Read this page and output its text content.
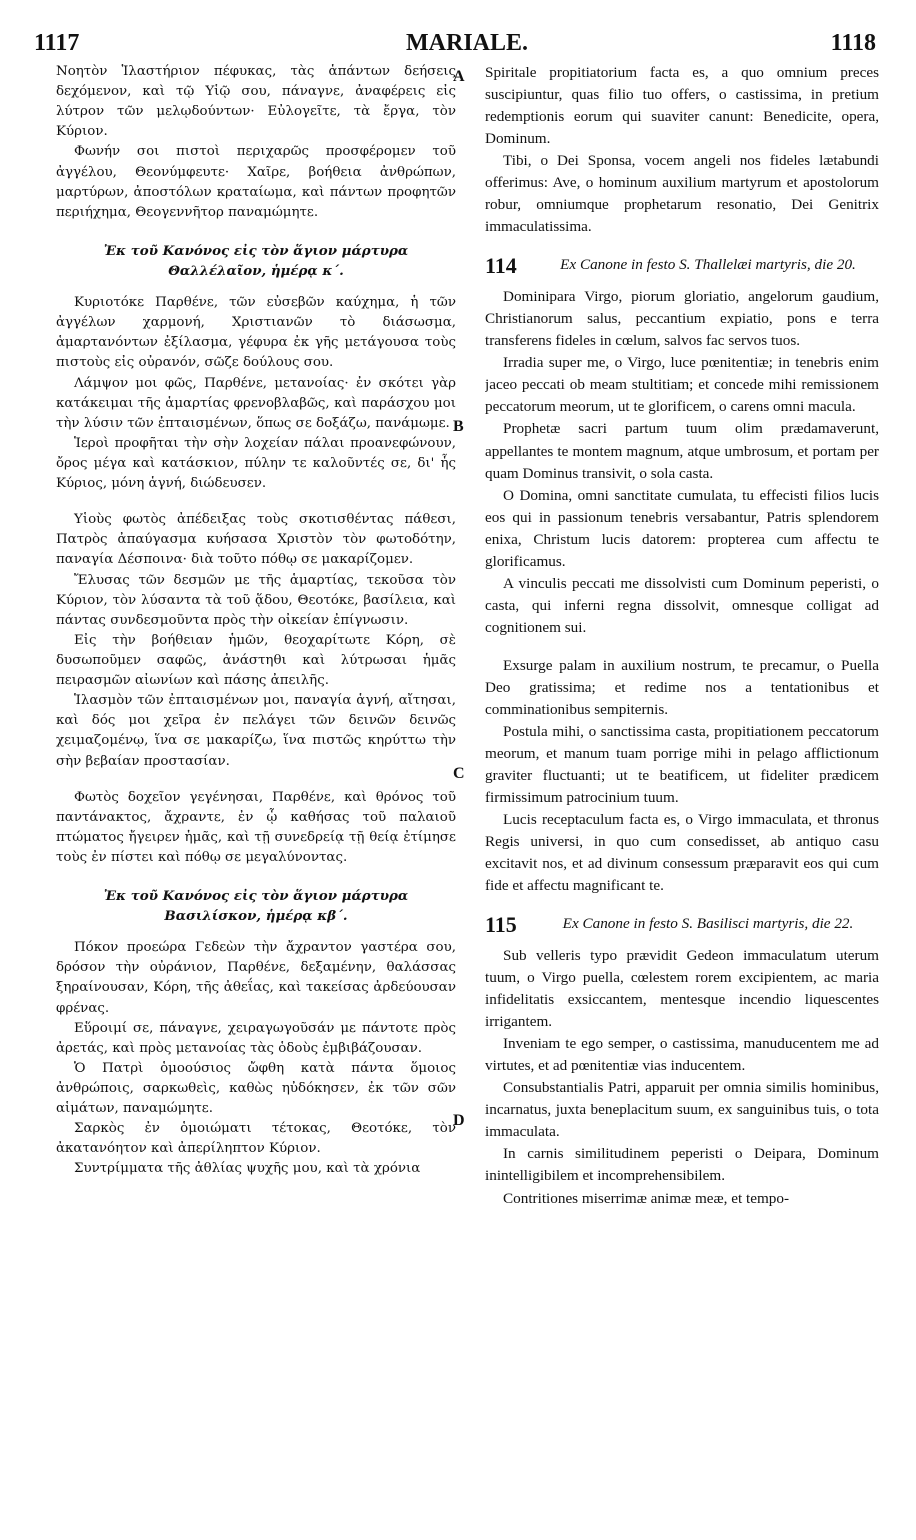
1117	MARIALE.	1118
A
B
C
D

Νοητὸν Ἱλαστήριον πέφυκας, τὰς ἁπάντων δεήσεις δεχόμενον, καὶ τῷ Υἱῷ σου, πάναγνε, ἀναφέρεις εἰς λύτρον τῶν μελῳδούντων· Εὐλογεῖτε, τὰ ἔργα, τὸν Κύριον.

Φωνήν σοι πιστοὶ περιχαρῶς προσφέρομεν τοῦ ἀγγέλου, Θεονύμφευτε· Χαῖρε, βοήθεια ἀνθρώπων, μαρτύρων, ἀποστόλων κραταίωμα, καὶ πάντων προφητῶν περιήχημα, Θεογεννῆτορ παναμώμητε.

Ἐκ τοῦ Κανόνος εἰς τὸν ἅγιον μάρτυρα Θαλλέλαῖον, ἡμέρᾳ κ΄.

Κυριοτόκε Παρθένε, τῶν εὐσεβῶν καύχημα, ἡ τῶν ἀγγέλων χαρμονή, Χριστιανῶν τὸ διάσωσμα, ἁμαρτανόντων ἐξίλασμα, γέφυρα ἐκ γῆς μετάγουσα τοὺς πιστοὺς εἰς οὐρανόν, σῶζε δούλους σου.

Λάμψον μοι φῶς, Παρθένε, μετανοίας· ἐν σκότει γὰρ κατάκειμαι τῆς ἁμαρτίας φρενοβλαβῶς, καὶ παράσχου μοι τὴν λύσιν τῶν ἐπταισμένων, ὅπως σε δοξάζω, πανάμωμε.

Ἱεροὶ προφῆται τὴν σὴν λοχείαν πάλαι προανεφώνουν, ὄρος μέγα καὶ κατάσκιον, πύλην τε καλοῦντές σε, δι' ἧς Κύριος, μόνη ἁγνή, διώδευσεν.

Υἱοὺς φωτὸς ἀπέδειξας τοὺς σκοτισθέντας πάθεσι, Πατρὸς ἀπαύγασμα κυήσασα Χριστὸν τὸν φωτοδότην, παναγία Δέσποινα· διὰ τοῦτο πόθῳ σε μακαρίζομεν.

Ἔλυσας τῶν δεσμῶν με τῆς ἁμαρτίας, τεκοῦσα τὸν Κύριον, τὸν λύσαντα τὰ τοῦ ᾅδου, Θεοτόκε, βασίλεια, καὶ πάντας συνδεσμοῦντα πρὸς τὴν οἰκείαν ἐπίγνωσιν.

Εἰς τὴν βοήθειαν ἡμῶν, θεοχαρίτωτε Κόρη, σὲ δυσωποῦμεν σαφῶς, ἀνάστηθι καὶ λύτρωσαι ἡμᾶς πειρασμῶν αἰωνίων καὶ πάσης ἀπειλῆς.

Ἱλασμὸν τῶν ἐπταισμένων μοι, παναγία ἁγνή, αἴτησαι, καὶ δός μοι χεῖρα ἐν πελάγει τῶν δεινῶν δεινῶς χειμαζομένῳ, ἵνα σε μακαρίζω, ἵνα πιστῶς κηρύττω τὴν σὴν βεβαίαν προστασίαν.

Φωτὸς δοχεῖον γεγένησαι, Παρθένε, καὶ θρόνος τοῦ παντάνακτος, ἄχραντε, ἐν ᾧ καθήσας τοῦ παλαιοῦ πτώματος ἤγειρεν ἡμᾶς, καὶ τῇ συνεδρείᾳ τῇ θείᾳ ἐτίμησε τοὺς ἐν πίστει καὶ πόθῳ σε μεγαλύνοντας.

Ἐκ τοῦ Κανόνος εἰς τὸν ἅγιον μάρτυρα Βασιλίσκον, ἡμέρᾳ κβ΄.

Πόκον προεώρα Γεδεὼν τὴν ἄχραντον γαστέρα σου, δρόσον τὴν οὐράνιον, Παρθένε, δεξαμένην, θαλάσσας ξηραίνουσαν, Κόρη, τῆς ἀθεΐας, καὶ τακείσας ἀρδεύουσαν φρένας.

Εὕροιμί σε, πάναγνε, χειραγωγοῦσάν με πάντοτε πρὸς ἀρετάς, καὶ πρὸς μετανοίας τὰς ὁδοὺς ἐμβιβάζουσαν.

Ὁ Πατρὶ ὁμοούσιος ὤφθη κατὰ πάντα ὅμοιος ἀνθρώποις, σαρκωθεὶς, καθὼς ηὐδόκησεν, ἐκ τῶν σῶν αἱμάτων, παναμώμητε.

Σαρκὸς ἐν ὁμοιώματι τέτοκας, Θεοτόκε, τὸν ἀκατανόητον καὶ ἀπερίληπτον Κύριον.

Συντρίμματα τῆς ἀθλίας ψυχῆς μου, καὶ τὰ χρόνια

Spiritale propitiatorium facta es, a quo omnium preces suscipiuntur, quas filio tuo offers, o castissima, in pretium redemptionis eorum qui suaviter canunt: Benedicite, opera, Dominum.

Tibi, o Dei Sponsa, vocem angeli nos fideles lætabundi offerimus: Ave, o hominum auxilium martyrum et apostolorum robur, omniumque prophetarum resonatio, Dei Genitrix immaculatissima.

114	Ex Canone in festo S. Thallelæi martyris, die 20.

Dominipara Virgo, piorum gloriatio, angelorum gaudium, Christianorum salus, peccantium expiatio, pons e terra transferens fideles in cœlum, salvos fac servos tuos.

Irradia super me, o Virgo, luce pœnitentiæ; in tenebris enim jaceo peccati ob meam stultitiam; et concede mihi remissionem peccatorum meorum, ut te glorificem, o carens omni macula.

Prophetæ sacri partum tuum olim prædamaverunt, appellantes te montem magnum, atque umbrosum, et portam per quam Dominus transivit, o sola casta.

O Domina, omni sanctitate cumulata, tu effecisti filios lucis eos qui in passionum tenebris versabantur, Patris splendorem enixa, Christum lucis datorem: propterea cum affectu te glorificamus.

A vinculis peccati me dissolvisti cum Dominum peperisti, o casta, qui inferni regna dissolvit, omnesque colligat ad cognitionem sui.

Exsurge palam in auxilium nostrum, te precamur, o Puella Deo gratissima; et redime nos a tentationibus et comminationibus sempiternis.

Postula mihi, o sanctissima casta, propitiationem peccatorum meorum, et manum tuam porrige mihi in pelago afflictionum graviter fluctuanti; ut te beatificem, ut fideliter prædicem firmissimum patrocinium tuum.

Lucis receptaculum facta es, o Virgo immaculata, et thronus Regis universi, in quo cum consedisset, ab antiquo casu excitavit nos, et ad divinum consessum præparavit eos qui cum fide et affectu magnificant te.

115	Ex Canone in festo S. Basilisci martyris, die 22.

Sub velleris typo prævidit Gedeon immaculatum uterum tuum, o Virgo puella, cœlestem rorem excipientem, ac maria infidelitatis exsiccantem, mentesque incendio liquescentes irrigantem.

Inveniam te ego semper, o castissima, manuducentem me ad virtutes, et ad pœnitentiæ vias inducentem.

Consubstantialis Patri, apparuit per omnia similis hominibus, incarnatus, juxta beneplacitum suum, ex sanguinibus tuis, o tota immaculata.

In carnis similitudinem peperisti o Deipara, Dominum inintelligibilem et incomprehensibilem.

Contritiones miserrimæ animæ meæ, et tempo-
